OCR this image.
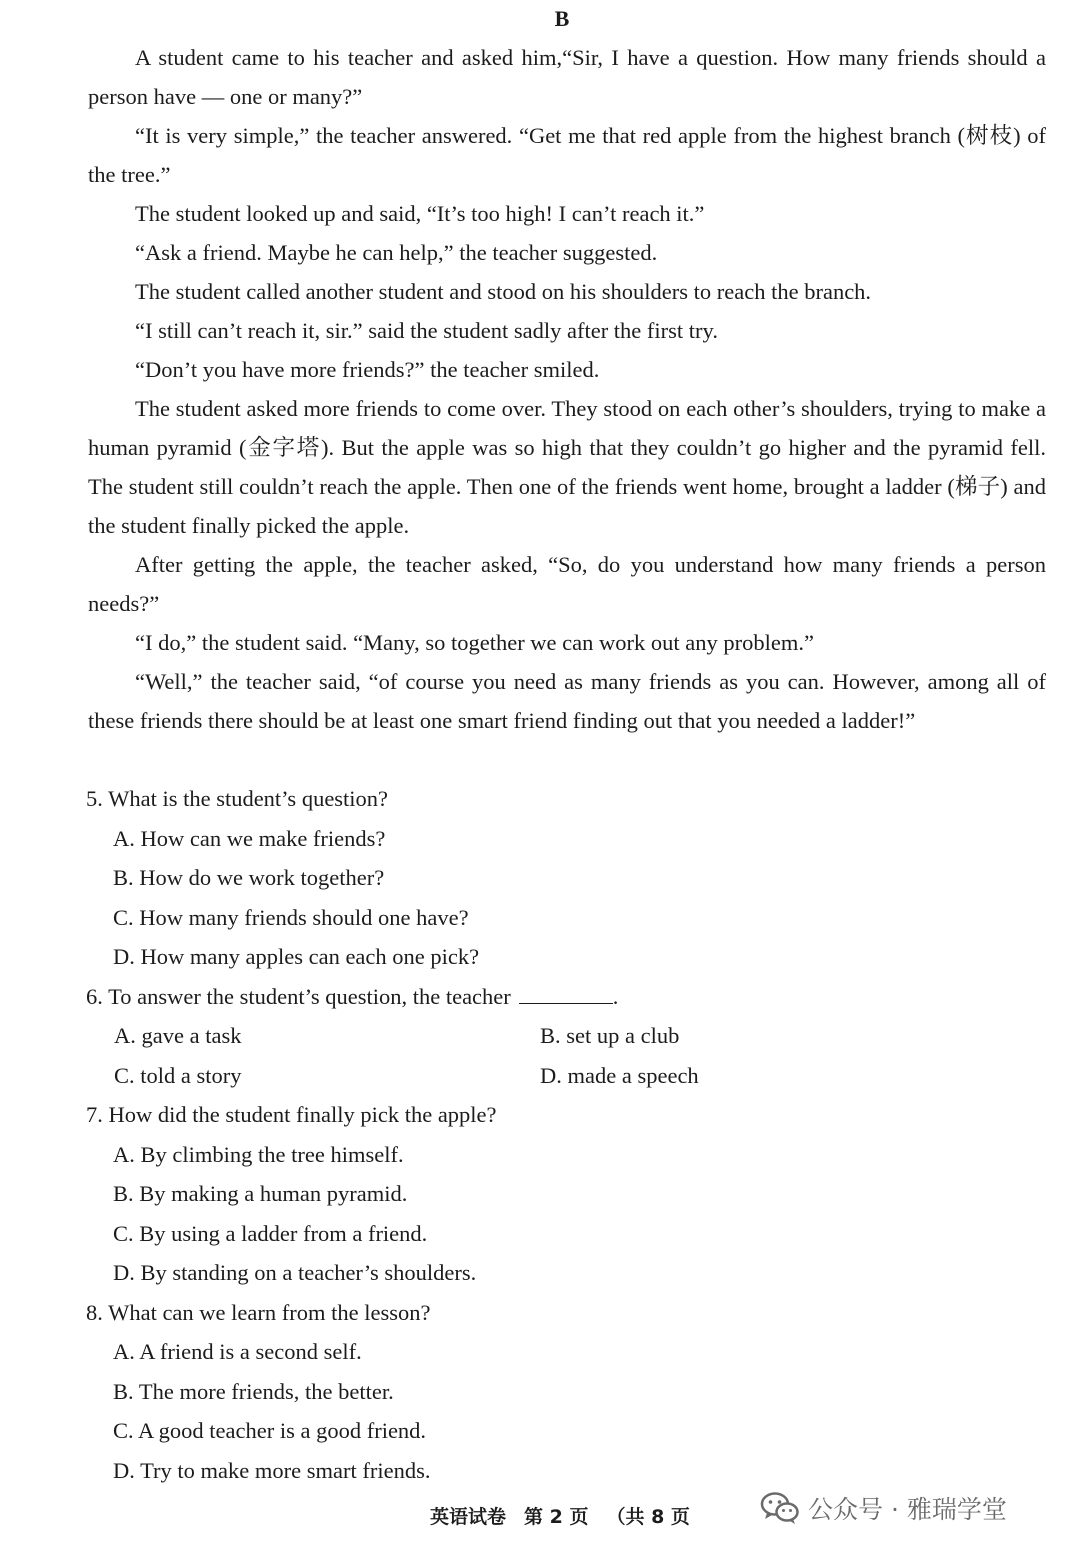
B

A student came to his teacher and asked him,“Sir, I have a question. How many friends should a person have — one or many?”

“It is very simple,” the teacher answered. “Get me that red apple from the highest branch (树枝) of the tree.”

The student looked up and said, “It’s too high! I can’t reach it.”

“Ask a friend. Maybe he can help,” the teacher suggested.

The student called another student and stood on his shoulders to reach the branch.

“I still can’t reach it, sir.” said the student sadly after the first try.

“Don’t you have more friends?” the teacher smiled.

The student asked more friends to come over. They stood on each other’s shoulders, trying to make a human pyramid (金字塔). But the apple was so high that they couldn’t go higher and the pyramid fell. The student still couldn’t reach the apple. Then one of the friends went home, brought a ladder (梯子) and the student finally picked the apple.

After getting the apple, the teacher asked, “So, do you understand how many friends a person needs?”

“I do,” the student said. “Many, so together we can work out any problem.”

“Well,” the teacher said, “of course you need as many friends as you can. However, among all of these friends there should be at least one smart friend finding out that you needed a ladder!”

5. What is the student’s question?
A. How can we make friends?
B. How do we work together?
C. How many friends should one have?
D. How many apples can each one pick?
6. To answer the student’s question, the teacher	.
A. gave a task	B. set up a club
C. told a story	D. made a speech
7. How did the student finally pick the apple?
A. By climbing the tree himself.
B. By making a human pyramid.
C. By using a ladder from a friend.
D. By standing on a teacher’s shoulders.
8. What can we learn from the lesson?
A. A friend is a second self.
B. The more friends, the better.
C. A good teacher is a good friend.
D. Try to make more smart friends.
英语试卷 第 2 页 （共 8 页	公众号 · 雅瑞学堂
